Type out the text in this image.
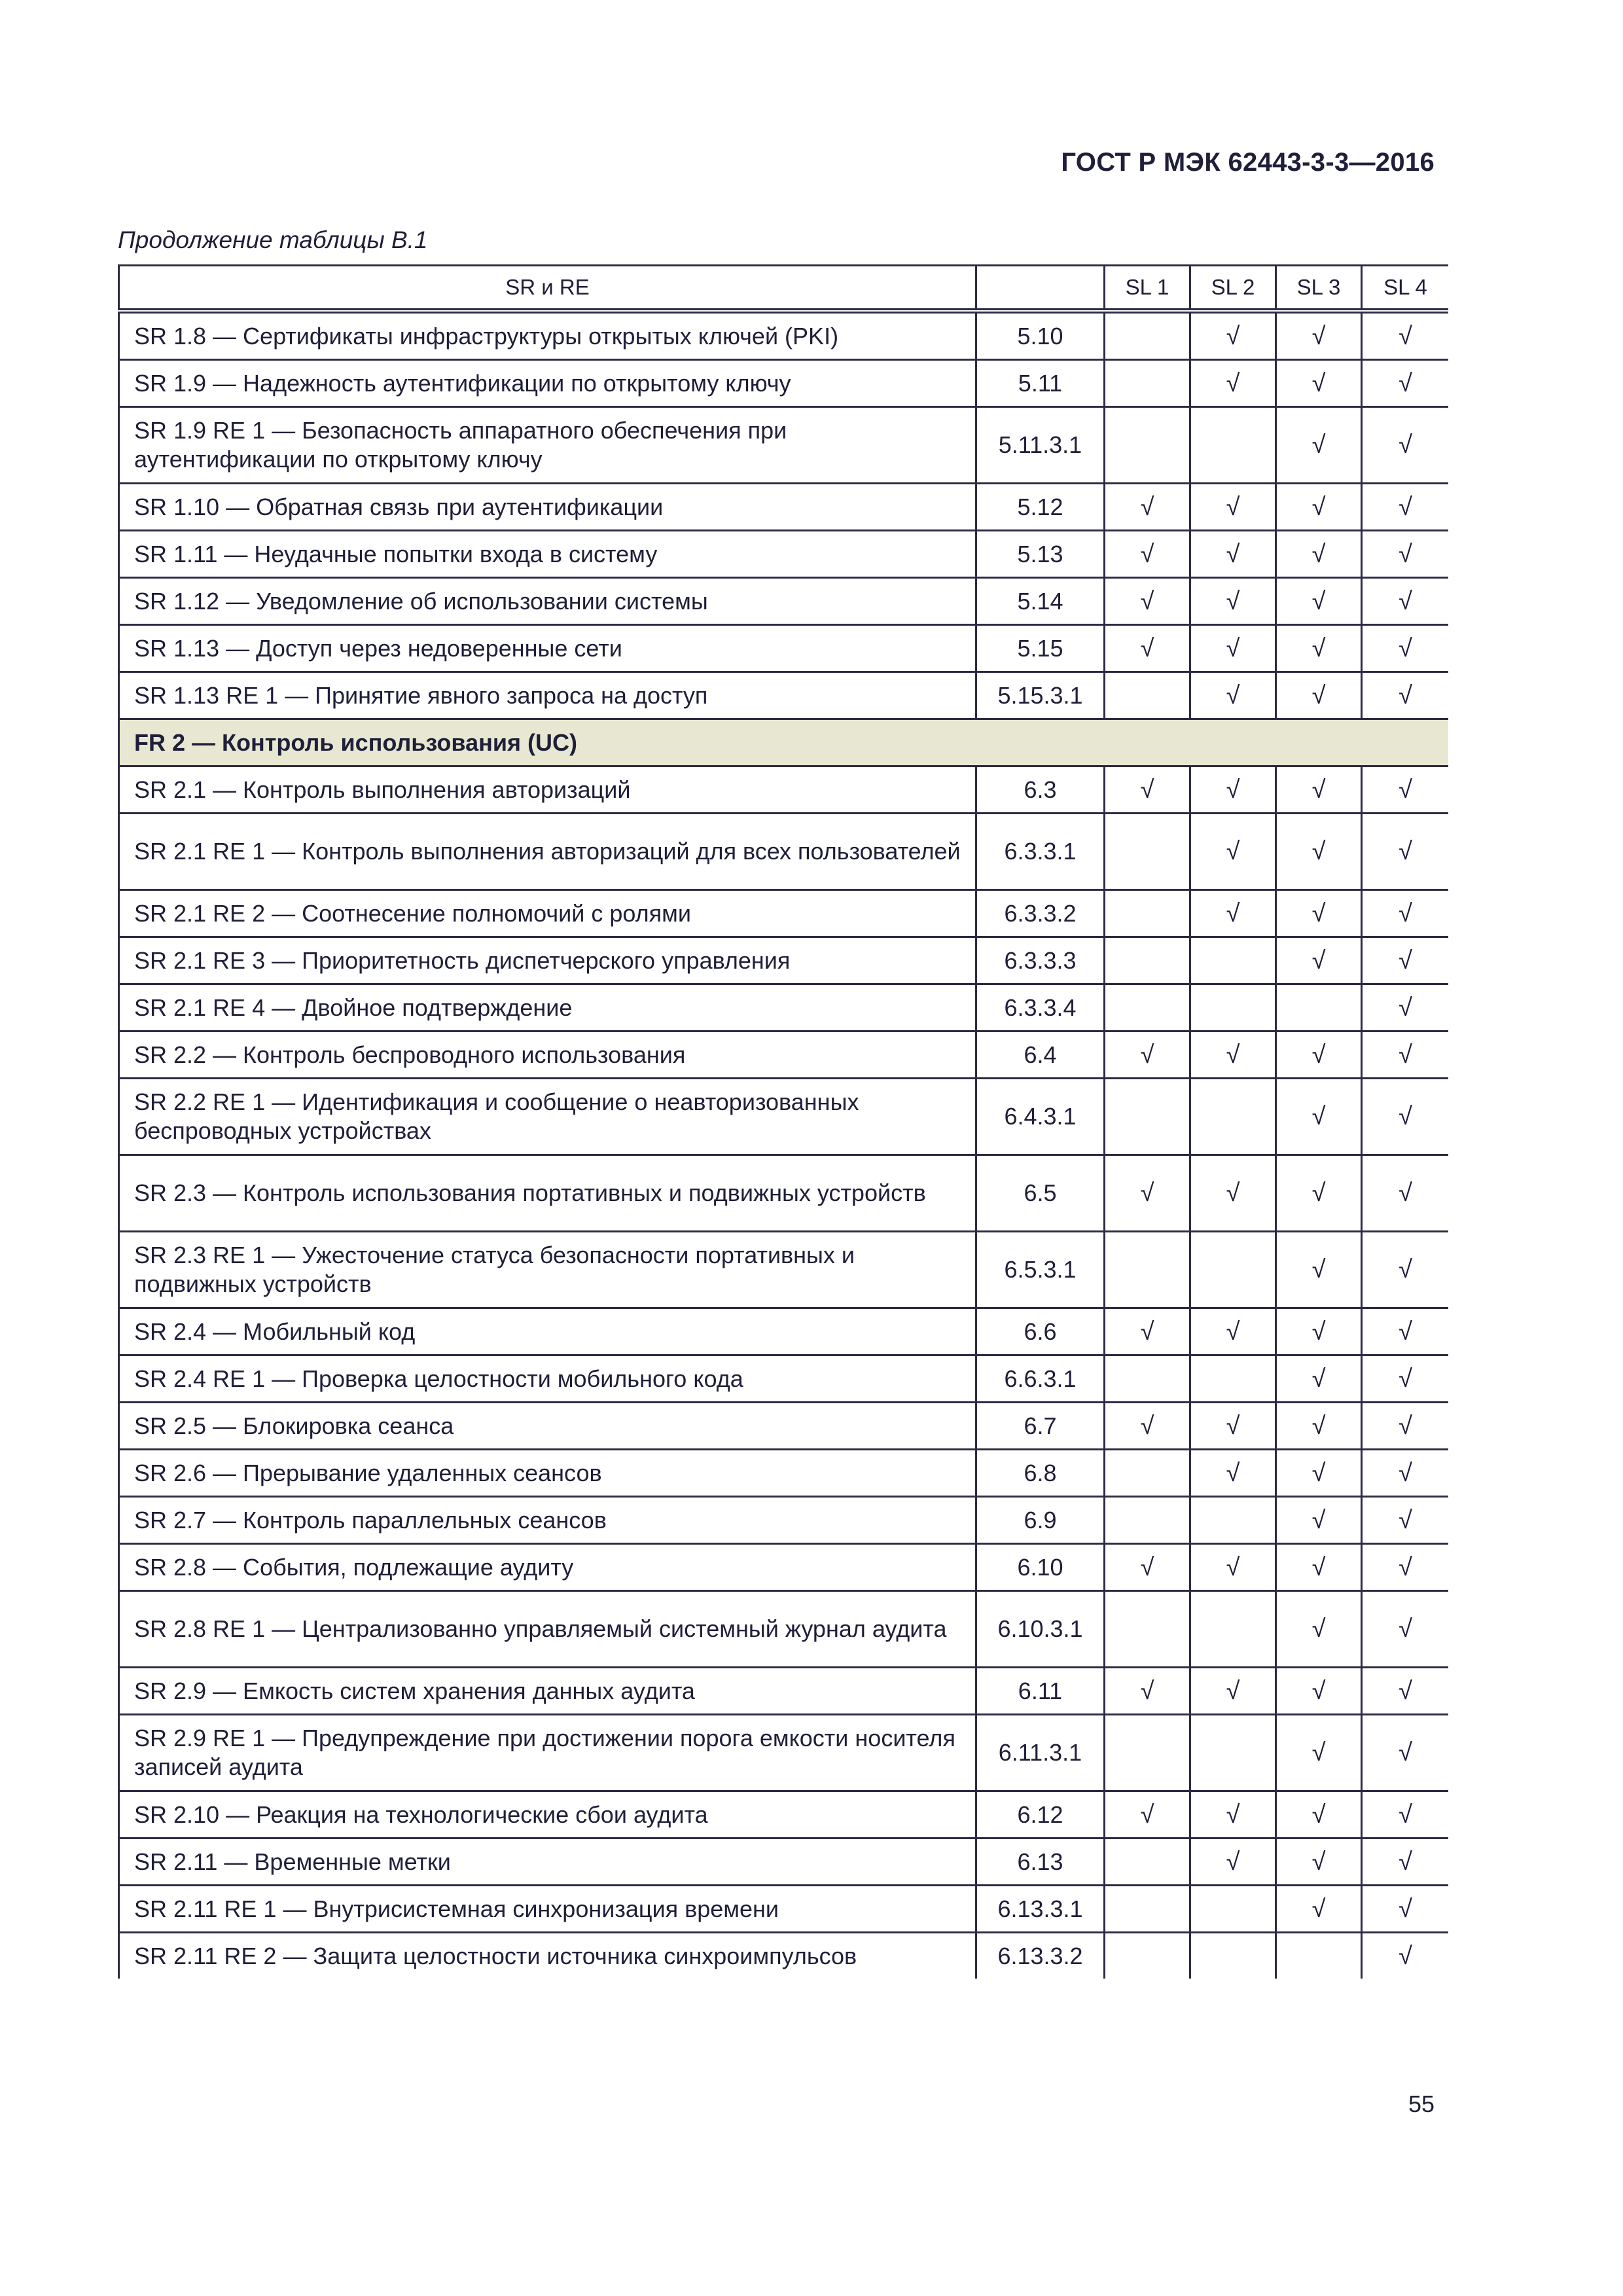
ГОСТ Р МЭК 62443-3-3—2016
Продолжение таблицы В.1
SR и RE		SL 1	SL 2	SL 3	SL 4
SR 1.8 — Сертификаты инфраструктуры открытых ключей (PKI)	5.10		√	√	√
SR 1.9 — Надежность аутентификации по открытому ключу	5.11		√	√	√
SR 1.9 RE 1 — Безопасность аппаратного обеспечения при аутентификации по открытому ключу	5.11.3.1			√	√
SR 1.10 — Обратная связь при аутентификации	5.12	√	√	√	√
SR 1.11 — Неудачные попытки входа в систему	5.13	√	√	√	√
SR 1.12 — Уведомление об использовании системы	5.14	√	√	√	√
SR 1.13 — Доступ через недоверенные сети	5.15	√	√	√	√
SR 1.13 RE 1 — Принятие явного запроса на доступ	5.15.3.1		√	√	√
FR 2 — Контроль использования (UC)					
SR 2.1 — Контроль выполнения авторизаций	6.3	√	√	√	√
SR 2.1 RE 1 — Контроль выполнения авторизаций для всех пользователей	6.3.3.1		√	√	√
SR 2.1 RE 2 — Соотнесение полномочий с ролями	6.3.3.2		√	√	√
SR 2.1 RE 3 — Приоритетность диспетчерского управления	6.3.3.3			√	√
SR 2.1 RE 4 — Двойное подтверждение	6.3.3.4				√
SR 2.2 — Контроль беспроводного использования	6.4	√	√	√	√
SR 2.2 RE 1 — Идентификация и сообщение о неавторизованных беспроводных устройствах	6.4.3.1			√	√
SR 2.3 — Контроль использования портативных и подвижных устройств	6.5	√	√	√	√
SR 2.3 RE 1 — Ужесточение статуса безопасности портативных и подвижных устройств	6.5.3.1			√	√
SR 2.4 — Мобильный код	6.6	√	√	√	√
SR 2.4 RE 1 — Проверка целостности мобильного кода	6.6.3.1			√	√
SR 2.5 — Блокировка сеанса	6.7	√	√	√	√
SR 2.6 — Прерывание удаленных сеансов	6.8		√	√	√
SR 2.7 — Контроль параллельных сеансов	6.9			√	√
SR 2.8 — События, подлежащие аудиту	6.10	√	√	√	√
SR 2.8 RE 1 — Централизованно управляемый системный журнал аудита	6.10.3.1			√	√
SR 2.9 — Емкость систем хранения данных аудита	6.11	√	√	√	√
SR 2.9 RE 1 — Предупреждение при достижении порога емкости носителя записей аудита	6.11.3.1			√	√
SR 2.10 — Реакция на технологические сбои аудита	6.12	√	√	√	√
SR 2.11 — Временные метки	6.13		√	√	√
SR 2.11 RE 1 — Внутрисистемная синхронизация времени	6.13.3.1			√	√
SR 2.11 RE 2 — Защита целостности источника синхроимпульсов	6.13.3.2				√
55
